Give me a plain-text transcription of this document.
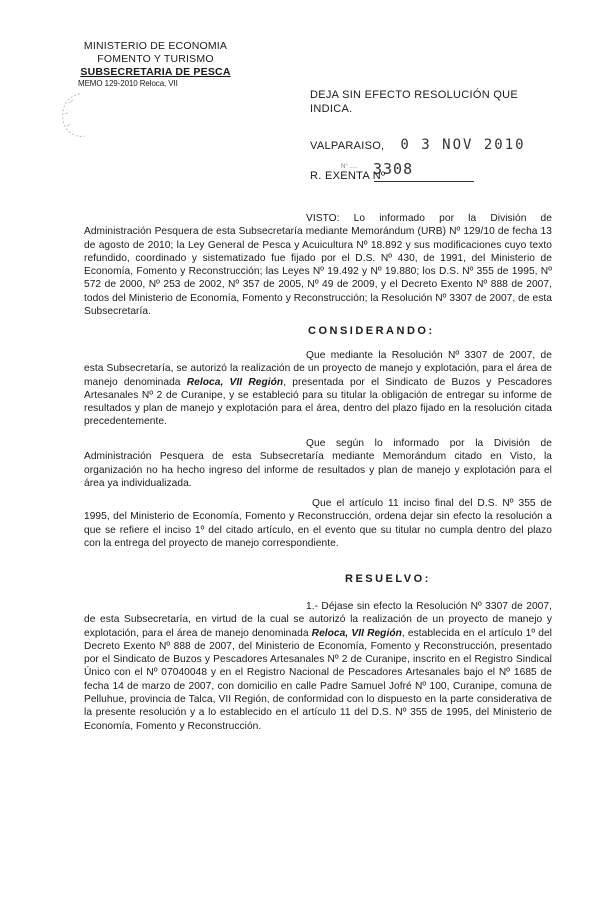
MINISTERIO DE ECONOMIA
FOMENTO Y TURISMO
SUBSECRETARIA DE PESCA
MEMO 129-2010 Reloca, VII
DEJA SIN EFECTO RESOLUCIÓN QUE INDICA.
VALPARAISO, 0 3 NOV 2010
N° ..... 3308
R. EXENTA Nº
VISTO: Lo informado por la División de Administración Pesquera de esta Subsecretaría mediante Memorándum (URB) Nº 129/10 de fecha 13 de agosto de 2010; la Ley General de Pesca y Acuicultura Nº 18.892 y sus modificaciones cuyo texto refundido, coordinado y sistematizado fue fijado por el D.S. Nº 430, de 1991, del Ministerio de Economía, Fomento y Reconstrucción; las Leyes Nº 19.492 y Nº 19.880; los D.S. Nº 355 de 1995, Nº 572 de 2000, Nº 253 de 2002, Nº 357 de 2005, Nº 49 de 2009, y el Decreto Exento Nº 888 de 2007, todos del Ministerio de Economía, Fomento y Reconstrucción; la Resolución Nº 3307 de 2007, de esta Subsecretaría.
CONSIDERANDO:
Que mediante la Resolución Nº 3307 de 2007, de esta Subsecretaría, se autorizó la realización de un proyecto de manejo y explotación, para el área de manejo denominada Reloca, VII Región, presentada por el Sindicato de Buzos y Pescadores Artesanales Nº 2 de Curanipe, y se estableció para su titular la obligación de entregar su informe de resultados y plan de manejo y explotación para el área, dentro del plazo fijado en la resolución citada precedentemente.
Que según lo informado por la División de Administración Pesquera de esta Subsecretaría mediante Memorándum citado en Visto, la organización no ha hecho ingreso del informe de resultados y plan de manejo y explotación para el área ya individualizada.
Que el artículo 11 inciso final del D.S. Nº 355 de 1995, del Ministerio de Economía, Fomento y Reconstrucción, ordena dejar sin efecto la resolución a que se refiere el inciso 1º del citado artículo, en el evento que su titular no cumpla dentro del plazo con la entrega del proyecto de manejo correspondiente.
RESUELVO:
1.- Déjase sin efecto la Resolución Nº 3307 de 2007, de esta Subsecretaría, en virtud de la cual se autorizó la realización de un proyecto de manejo y explotación, para el área de manejo denominada Reloca, VII Región, establecida en el artículo 1º del Decreto Exento Nº 888 de 2007, del Ministerio de Economía, Fomento y Reconstrucción, presentado por el Sindicato de Buzos y Pescadores Artesanales Nº 2 de Curanipe, inscrito en el Registro Sindical Único con el Nº 07040048 y en el Registro Nacional de Pescadores Artesanales bajo el Nº 1685 de fecha 14 de marzo de 2007, con domicilio en calle Padre Samuel Jofré Nº 100, Curanipe, comuna de Pelluhue, provincia de Talca, VII Región, de conformidad con lo dispuesto en la parte considerativa de la presente resolución y a lo establecido en el artículo 11 del D.S. Nº 355 de 1995, del Ministerio de Economía, Fomento y Reconstrucción.
